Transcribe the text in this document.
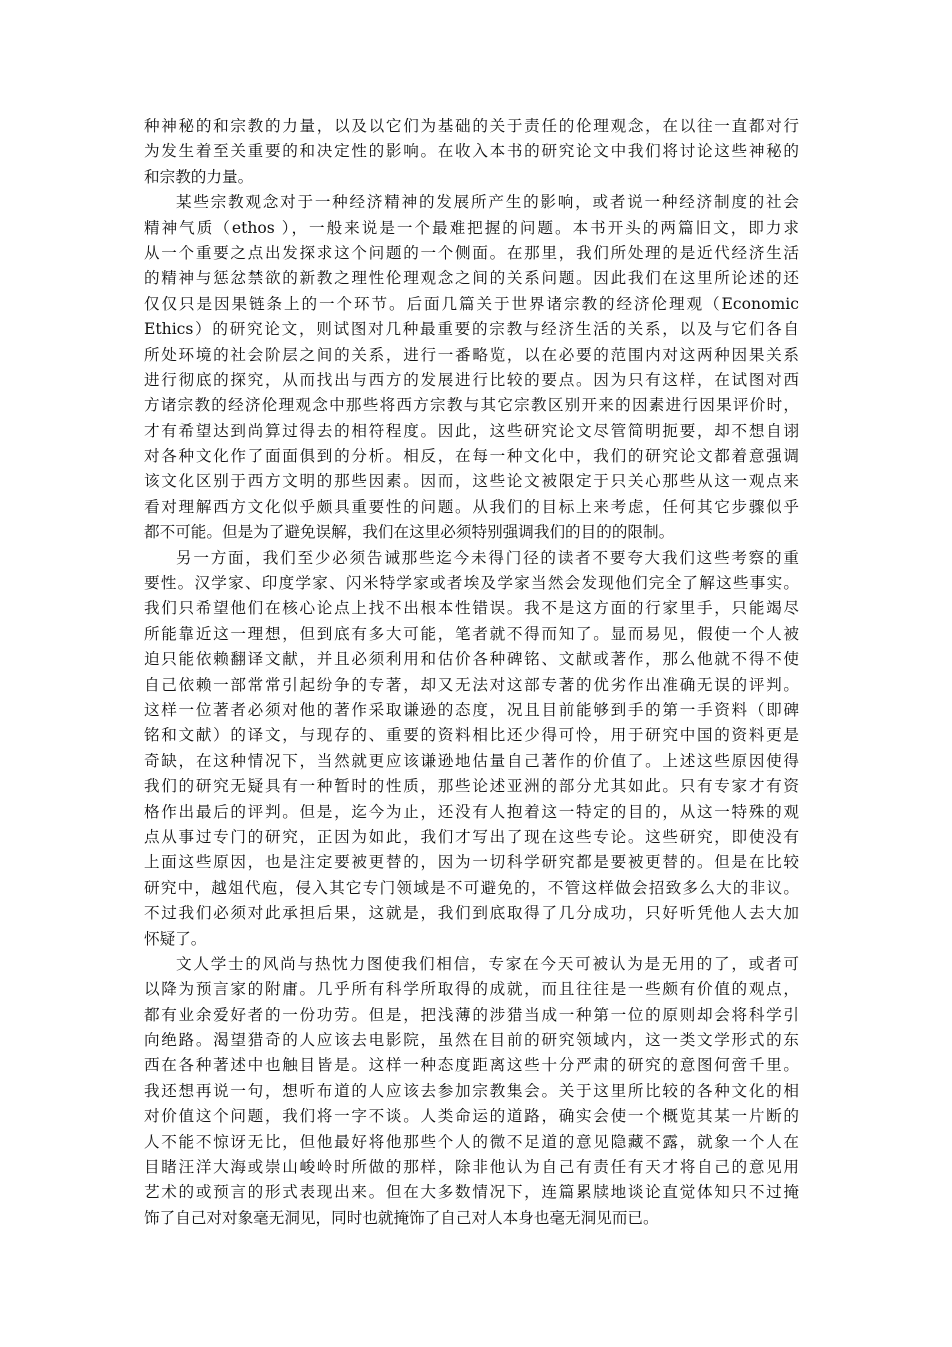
种神秘的和宗教的力量，以及以它们为基础的关于责任的伦理观念，在以往一直都对行
为发生着至关重要的和决定性的影响。在收入本书的研究论文中我们将讨论这些神秘的
和宗教的力量。
某些宗教观念对于一种经济精神的发展所产生的影响，或者说一种经济制度的社会
精神气质（ethos ），一般来说是一个最难把握的问题。本书开头的两篇旧文，即力求
从一个重要之点出发探求这个问题的一个侧面。在那里，我们所处理的是近代经济生活
的精神与惩忿禁欲的新教之理性伦理观念之间的关系问题。因此我们在这里所论述的还
仅仅只是因果链条上的一个环节。后面几篇关于世界诸宗教的经济伦理观（Economic
Ethics）的研究论文，则试图对几种最重要的宗教与经济生活的关系，以及与它们各自
所处环境的社会阶层之间的关系，进行一番略览，以在必要的范围内对这两种因果关系
进行彻底的探究，从而找出与西方的发展进行比较的要点。因为只有这样，在试图对西
方诸宗教的经济伦理观念中那些将西方宗教与其它宗教区别开来的因素进行因果评价时，
才有希望达到尚算过得去的相符程度。因此，这些研究论文尽管简明扼要，却不想自诩
对各种文化作了面面俱到的分析。相反，在每一种文化中，我们的研究论文都着意强调
该文化区别于西方文明的那些因素。因而，这些论文被限定于只关心那些从这一观点来
看对理解西方文化似乎颇具重要性的问题。从我们的目标上来考虑，任何其它步骤似乎
都不可能。但是为了避免误解，我们在这里必须特别强调我们的目的的限制。
另一方面，我们至少必须告诫那些迄今未得门径的读者不要夸大我们这些考察的重
要性。汉学家、印度学家、闪米特学家或者埃及学家当然会发现他们完全了解这些事实。
我们只希望他们在核心论点上找不出根本性错误。我不是这方面的行家里手，只能竭尽
所能靠近这一理想，但到底有多大可能，笔者就不得而知了。显而易见，假使一个人被
迫只能依赖翻译文献，并且必须利用和估价各种碑铭、文献或著作，那么他就不得不使
自己依赖一部常常引起纷争的专著，却又无法对这部专著的优劣作出准确无误的评判。
这样一位著者必须对他的著作采取谦逊的态度，况且目前能够到手的第一手资料（即碑
铭和文献）的译文，与现存的、重要的资料相比还少得可怜，用于研究中国的资料更是
奇缺，在这种情况下，当然就更应该谦逊地估量自己著作的价值了。上述这些原因使得
我们的研究无疑具有一种暂时的性质，那些论述亚洲的部分尤其如此。只有专家才有资
格作出最后的评判。但是，迄今为止，还没有人抱着这一特定的目的，从这一特殊的观
点从事过专门的研究，正因为如此，我们才写出了现在这些专论。这些研究，即使没有
上面这些原因，也是注定要被更替的，因为一切科学研究都是要被更替的。但是在比较
研究中，越俎代庖，侵入其它专门领域是不可避免的，不管这样做会招致多么大的非议。
不过我们必须对此承担后果，这就是，我们到底取得了几分成功，只好听凭他人去大加
怀疑了。
文人学士的风尚与热忱力图使我们相信，专家在今天可被认为是无用的了，或者可
以降为预言家的附庸。几乎所有科学所取得的成就，而且往往是一些颇有价值的观点，
都有业余爱好者的一份功劳。但是，把浅薄的涉猎当成一种第一位的原则却会将科学引
向绝路。渴望猎奇的人应该去电影院，虽然在目前的研究领域内，这一类文学形式的东
西在各种著述中也触目皆是。这样一种态度距离这些十分严肃的研究的意图何啻千里。
我还想再说一句，想听布道的人应该去参加宗教集会。关于这里所比较的各种文化的相
对价值这个问题，我们将一字不谈。人类命运的道路，确实会使一个概览其某一片断的
人不能不惊讶无比，但他最好将他那些个人的微不足道的意见隐藏不露，就象一个人在
目睹汪洋大海或崇山峻岭时所做的那样，除非他认为自己有责任有天才将自己的意见用
艺术的或预言的形式表现出来。但在大多数情况下，连篇累牍地谈论直觉体知只不过掩
饰了自己对对象毫无洞见，同时也就掩饰了自己对人本身也毫无洞见而已。
